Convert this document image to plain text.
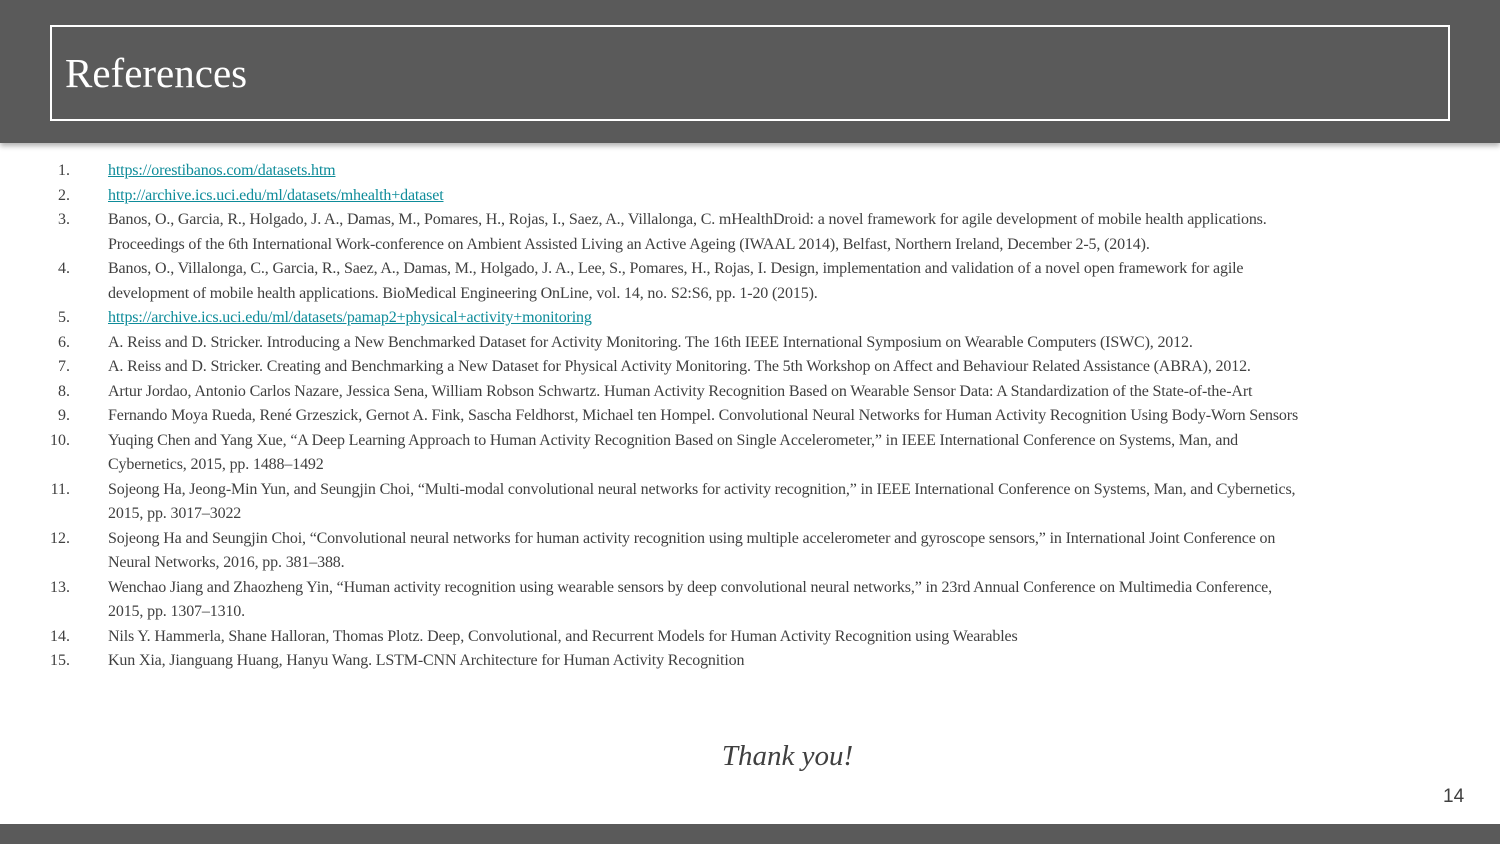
References
1. https://orestibanos.com/datasets.htm
2. http://archive.ics.uci.edu/ml/datasets/mhealth+dataset
3. Banos, O., Garcia, R., Holgado, J. A., Damas, M., Pomares, H., Rojas, I., Saez, A., Villalonga, C. mHealthDroid: a novel framework for agile development of mobile health applications.
Proceedings of the 6th International Work-conference on Ambient Assisted Living an Active Ageing (IWAAL 2014), Belfast, Northern Ireland, December 2-5, (2014).
4. Banos, O., Villalonga, C., Garcia, R., Saez, A., Damas, M., Holgado, J. A., Lee, S., Pomares, H., Rojas, I. Design, implementation and validation of a novel open framework for agile
development of mobile health applications. BioMedical Engineering OnLine, vol. 14, no. S2:S6, pp. 1-20 (2015).
5. https://archive.ics.uci.edu/ml/datasets/pamap2+physical+activity+monitoring
6. A. Reiss and D. Stricker. Introducing a New Benchmarked Dataset for Activity Monitoring. The 16th IEEE International Symposium on Wearable Computers (ISWC), 2012.
7. A. Reiss and D. Stricker. Creating and Benchmarking a New Dataset for Physical Activity Monitoring. The 5th Workshop on Affect and Behaviour Related Assistance (ABRA), 2012.
8. Artur Jordao, Antonio Carlos Nazare, Jessica Sena, William Robson Schwartz. Human Activity Recognition Based on Wearable Sensor Data: A Standardization of the State-of-the-Art
9. Fernando Moya Rueda, René Grzeszick, Gernot A. Fink, Sascha Feldhorst, Michael ten Hompel. Convolutional Neural Networks for Human Activity Recognition Using Body-Worn Sensors
10. Yuqing Chen and Yang Xue, “A Deep Learning Approach to Human Activity Recognition Based on Single Accelerometer,” in IEEE International Conference on Systems, Man, and
Cybernetics, 2015, pp. 1488–1492
11. Sojeong Ha, Jeong-Min Yun, and Seungjin Choi, “Multi-modal convolutional neural networks for activity recognition,” in IEEE International Conference on Systems, Man, and Cybernetics,
2015, pp. 3017–3022
12. Sojeong Ha and Seungjin Choi, “Convolutional neural networks for human activity recognition using multiple accelerometer and gyroscope sensors,” in International Joint Conference on
Neural Networks, 2016, pp. 381–388.
13. Wenchao Jiang and Zhaozheng Yin, “Human activity recognition using wearable sensors by deep convolutional neural networks,” in 23rd Annual Conference on Multimedia Conference,
2015, pp. 1307–1310.
14. Nils Y. Hammerla, Shane Halloran, Thomas Plotz. Deep, Convolutional, and Recurrent Models for Human Activity Recognition using Wearables
15. Kun Xia, Jianguang Huang, Hanyu Wang. LSTM-CNN Architecture for Human Activity Recognition
Thank you!
14
